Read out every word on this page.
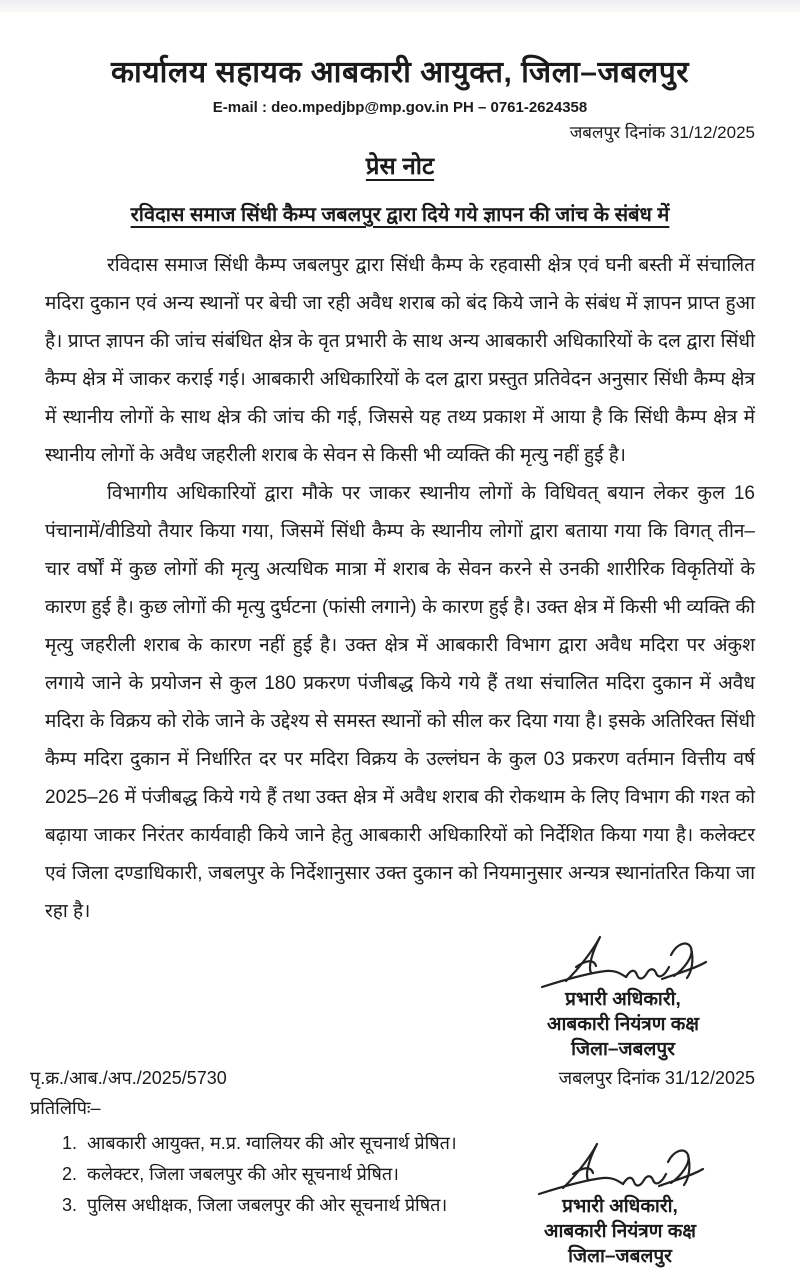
कार्यालय सहायक आबकारी आयुक्त, जिला–जबलपुर
E-mail : deo.mpedjbp@mp.gov.in PH – 0761-2624358
जबलपुर दिनांक 31/12/2025
प्रेस नोट
रविदास समाज सिंधी कैम्प जबलपुर द्वारा दिये गये ज्ञापन की जांच के संबंध में

रविदास समाज सिंधी कैम्प जबलपुर द्वारा सिंधी कैम्प के रहवासी क्षेत्र एवं घनी बस्ती में संचालित मदिरा दुकान एवं अन्य स्थानों पर बेची जा रही अवैध शराब को बंद किये जाने के संबंध में ज्ञापन प्राप्त हुआ है। प्राप्त ज्ञापन की जांच संबंधित क्षेत्र के वृत प्रभारी के साथ अन्य आबकारी अधिकारियों के दल द्वारा सिंधी कैम्प क्षेत्र में जाकर कराई गई। आबकारी अधिकारियों के दल द्वारा प्रस्तुत प्रतिवेदन अनुसार सिंधी कैम्प क्षेत्र में स्थानीय लोगों के साथ क्षेत्र की जांच की गई, जिससे यह तथ्य प्रकाश में आया है कि सिंधी कैम्प क्षेत्र में स्थानीय लोगों के अवैध जहरीली शराब के सेवन से किसी भी व्यक्ति की मृत्यु नहीं हुई है।

विभागीय अधिकारियों द्वारा मौके पर जाकर स्थानीय लोगों के विधिवत् बयान लेकर कुल 16 पंचानामें/वीडियो तैयार किया गया, जिसमें सिंधी कैम्प के स्थानीय लोगों द्वारा बताया गया कि विगत् तीन–चार वर्षों में कुछ लोगों की मृत्यु अत्यधिक मात्रा में शराब के सेवन करने से उनकी शारीरिक विकृतियों के कारण हुई है। कुछ लोगों की मृत्यु दुर्घटना (फांसी लगाने) के कारण हुई है। उक्त क्षेत्र में किसी भी व्यक्ति की मृत्यु जहरीली शराब के कारण नहीं हुई है। उक्त क्षेत्र में आबकारी विभाग द्वारा अवैध मदिरा पर अंकुश लगाये जाने के प्रयोजन से कुल 180 प्रकरण पंजीबद्ध किये गये हैं तथा संचालित मदिरा दुकान में अवैध मदिरा के विक्रय को रोके जाने के उद्देश्य से समस्त स्थानों को सील कर दिया गया है। इसके अतिरिक्त सिंधी कैम्प मदिरा दुकान में निर्धारित दर पर मदिरा विक्रय के उल्लंघन के कुल 03 प्रकरण वर्तमान वित्तीय वर्ष 2025–26 में पंजीबद्ध किये गये हैं तथा उक्त क्षेत्र में अवैध शराब की रोकथाम के लिए विभाग की गश्त को बढ़ाया जाकर निरंतर कार्यवाही किये जाने हेतु आबकारी अधिकारियों को निर्देशित किया गया है। कलेक्टर एवं जिला दण्डाधिकारी, जबलपुर के निर्देशानुसार उक्त दुकान को नियमानुसार अन्यत्र स्थानांतरित किया जा रहा है।

प्रभारी अधिकारी,
आबकारी नियंत्रण कक्ष
जिला–जबलपुर
पृ.क्र./आब./अप./2025/5730	जबलपुर दिनांक 31/12/2025
प्रतिलिपिः–
1. आबकारी आयुक्त, म.प्र. ग्वालियर की ओर सूचनार्थ प्रेषित।
2. कलेक्टर, जिला जबलपुर की ओर सूचनार्थ प्रेषित।
3. पुलिस अधीक्षक, जिला जबलपुर की ओर सूचनार्थ प्रेषित।	प्रभारी अधिकारी,
आबकारी नियंत्रण कक्ष
जिला–जबलपुर
